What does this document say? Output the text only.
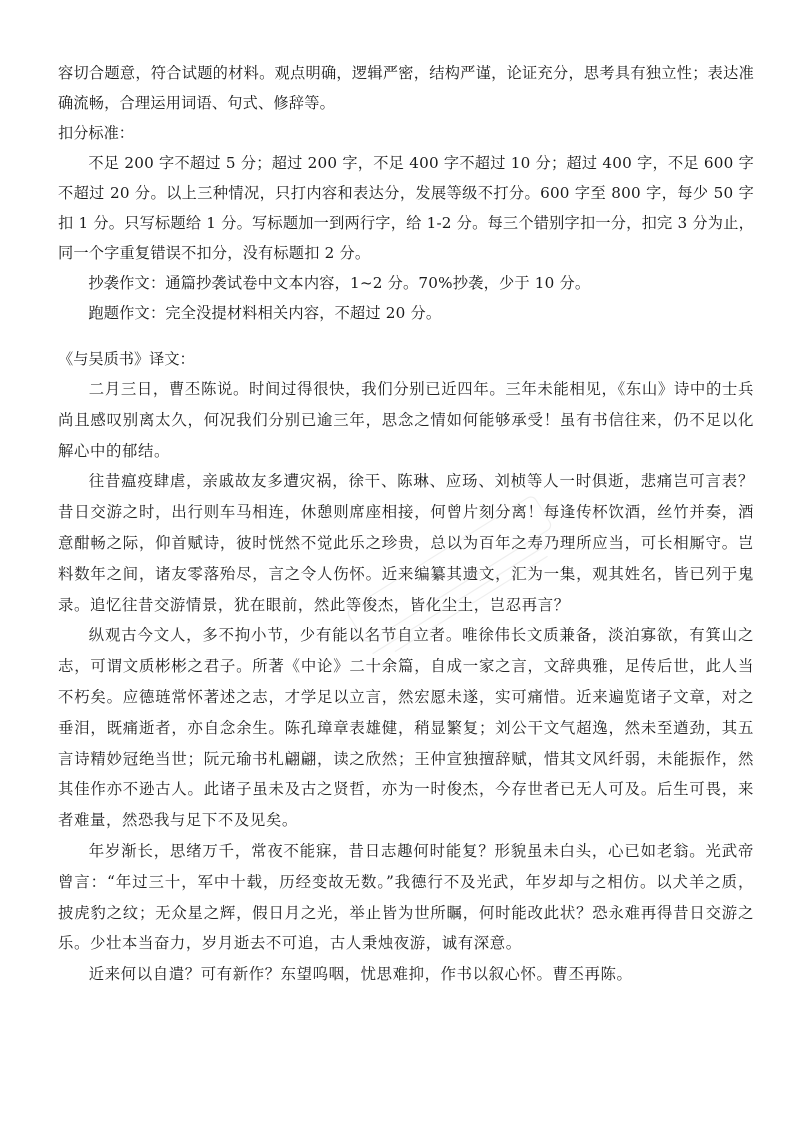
容切合题意，符合试题的材料。观点明确，逻辑严密，结构严谨，论证充分，思考具有独立性；表达准确流畅，合理运用词语、句式、修辞等。

扣分标准：

不足 200 字不超过 5 分；超过 200 字，不足 400 字不超过 10 分；超过 400 字，不足 600 字不超过 20 分。以上三种情况，只打内容和表达分，发展等级不打分。600 字至 800 字，每少 50 字扣 1 分。只写标题给 1 分。写标题加一到两行字，给 1-2 分。每三个错别字扣一分，扣完 3 分为止，同一个字重复错误不扣分，没有标题扣 2 分。

抄袭作文：通篇抄袭试卷中文本内容，1~2 分。70%抄袭，少于 10 分。

跑题作文：完全没提材料相关内容，不超过 20 分。

《与吴质书》译文：

二月三日，曹丕陈说。时间过得很快，我们分别已近四年。三年未能相见，《东山》诗中的士兵尚且感叹别离太久，何况我们分别已逾三年，思念之情如何能够承受！虽有书信往来，仍不足以化解心中的郁结。

往昔瘟疫肆虐，亲戚故友多遭灾祸，徐干、陈琳、应玚、刘桢等人一时俱逝，悲痛岂可言表？昔日交游之时，出行则车马相连，休憩则席座相接，何曾片刻分离！每逢传杯饮酒，丝竹并奏，酒意酣畅之际，仰首赋诗，彼时恍然不觉此乐之珍贵，总以为百年之寿乃理所应当，可长相厮守。岂料数年之间，诸友零落殆尽，言之令人伤怀。近来编纂其遗文，汇为一集，观其姓名，皆已列于鬼录。追忆往昔交游情景，犹在眼前，然此等俊杰，皆化尘土，岂忍再言？

纵观古今文人，多不拘小节，少有能以名节自立者。唯徐伟长文质兼备，淡泊寡欲，有箕山之志，可谓文质彬彬之君子。所著《中论》二十余篇，自成一家之言，文辞典雅，足传后世，此人当不朽矣。应德琏常怀著述之志，才学足以立言，然宏愿未遂，实可痛惜。近来遍览诸子文章，对之垂泪，既痛逝者，亦自念余生。陈孔璋章表雄健，稍显繁复；刘公干文气超逸，然未至遒劲，其五言诗精妙冠绝当世；阮元瑜书札翩翩，读之欣然；王仲宣独擅辞赋，惜其文风纤弱，未能振作，然其佳作亦不逊古人。此诸子虽未及古之贤哲，亦为一时俊杰，今存世者已无人可及。后生可畏，来者难量，然恐我与足下不及见矣。

年岁渐长，思绪万千，常夜不能寐，昔日志趣何时能复？形貌虽未白头，心已如老翁。光武帝曾言：“年过三十，军中十载，历经变故无数。”我德行不及光武，年岁却与之相仿。以犬羊之质，披虎豹之纹；无众星之辉，假日月之光，举止皆为世所瞩，何时能改此状？恐永难再得昔日交游之乐。少壮本当奋力，岁月逝去不可追，古人秉烛夜游，诚有深意。

近来何以自遣？可有新作？东望呜咽，忧思难抑，作书以叙心怀。曹丕再陈。
